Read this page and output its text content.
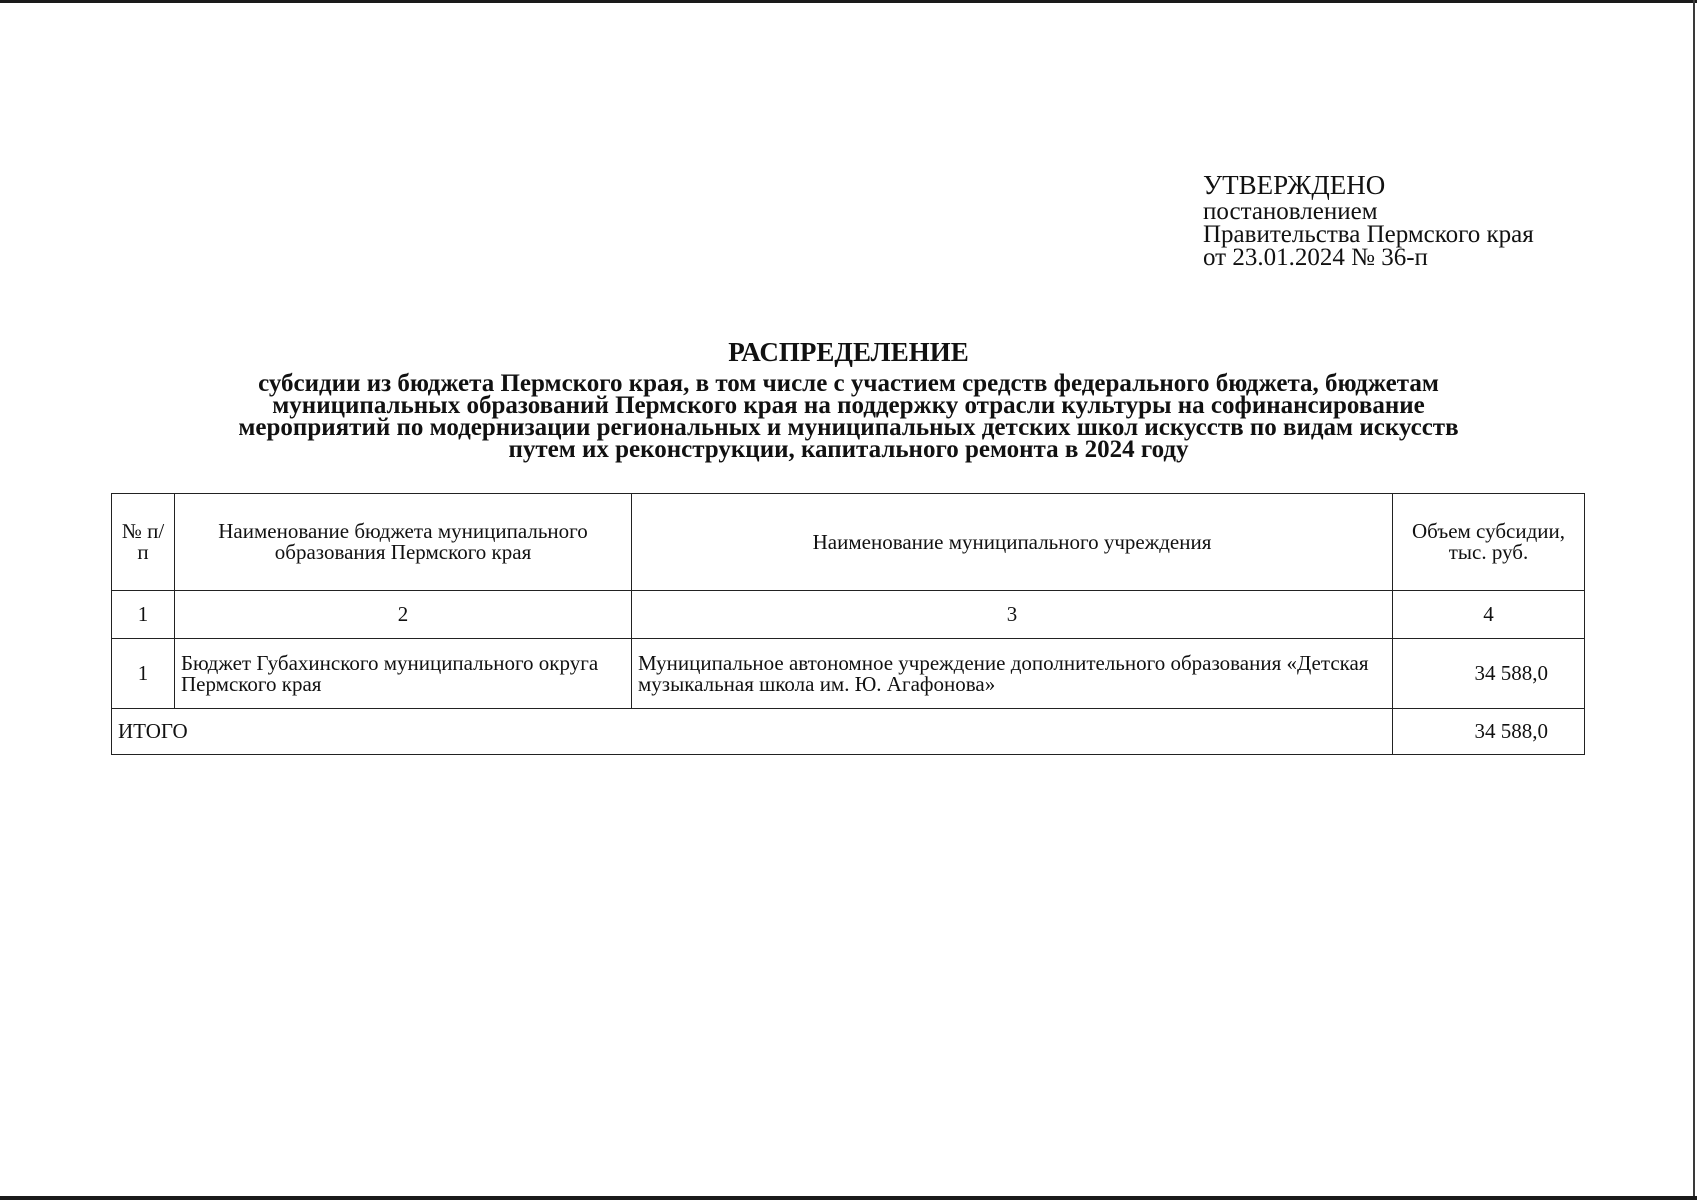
УТВЕРЖДЕНО
постановлением
Правительства Пермского края
от 23.01.2024 № 36-п
РАСПРЕДЕЛЕНИЕ
субсидии из бюджета Пермского края, в том числе с участием средств федерального бюджета, бюджетам
муниципальных образований Пермского края на поддержку отрасли культуры на софинансирование
мероприятий по модернизации региональных и муниципальных детских школ искусств по видам искусств
путем их реконструкции, капитального ремонта в 2024 году
№ п/п	Наименование бюджета муниципального образования Пермского края	Наименование муниципального учреждения	Объем субсидии, тыс. руб.
1	2	3	4
1	Бюджет Губахинского муниципального округа Пермского края	Муниципальное автономное учреждение дополнительного образования «Детская музыкальная школа им. Ю. Агафонова»	34 588,0
ИТОГО			34 588,0
